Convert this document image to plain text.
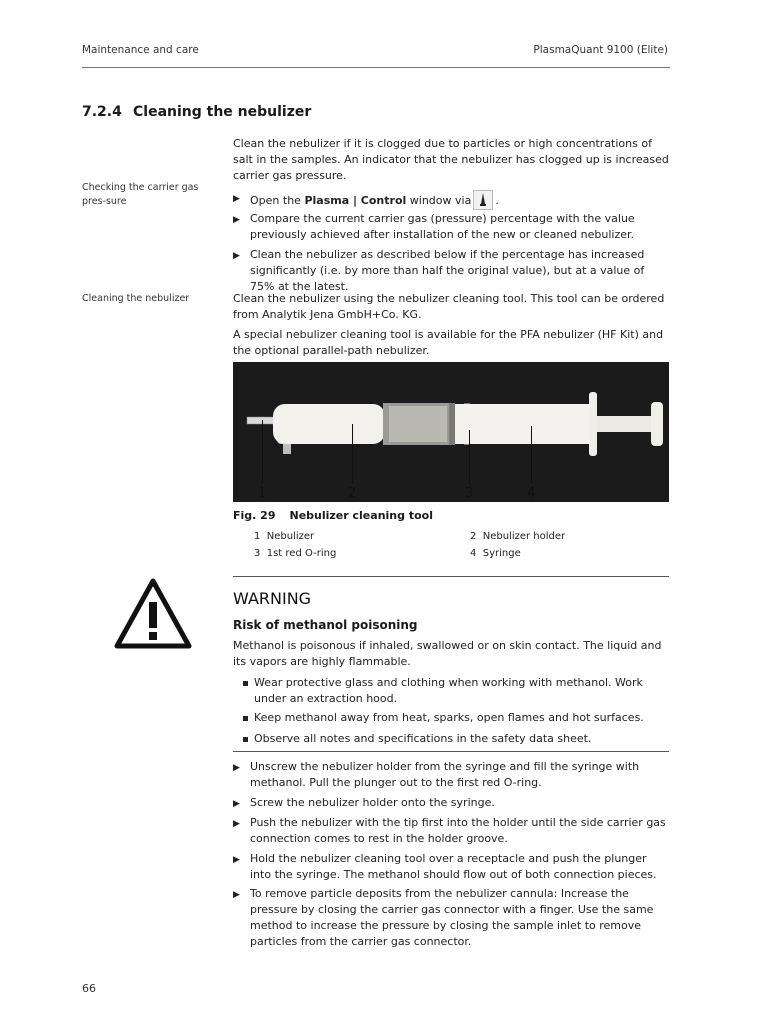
Maintenance and care	PlasmaQuant 9100 (Elite)
7.2.4 Cleaning the nebulizer
Clean the nebulizer if it is clogged due to particles or high concentrations of salt in the samples. An indicator that the nebulizer has clogged up is increased carrier gas pressure.
Checking the carrier gas pres-sure	▶ Open the Plasma | Control window via .
▶ Compare the current carrier gas (pressure) percentage with the value previously achieved after installation of the new or cleaned nebulizer.
▶ Clean the nebulizer as described below if the percentage has increased significantly (i.e. by more than half the original value), but at a value of 75% at the latest.
Cleaning the nebulizer	Clean the nebulizer using the nebulizer cleaning tool. This tool can be ordered from Analytik Jena GmbH+Co. KG.
A special nebulizer cleaning tool is available for the PFA nebulizer (HF Kit) and the optional parallel-path nebulizer.
1	2	3	4
Fig. 29 Nebulizer cleaning tool
1 Nebulizer	2 Nebulizer holder
3 1st red O-ring	4 Syringe
WARNING
Risk of methanol poisoning
Methanol is poisonous if inhaled, swallowed or on skin contact. The liquid and its vapors are highly flammable.
Wear protective glass and clothing when working with methanol. Work under an extraction hood.
Keep methanol away from heat, sparks, open flames and hot surfaces.
Observe all notes and specifications in the safety data sheet.
▶ Unscrew the nebulizer holder from the syringe and fill the syringe with methanol. Pull the plunger out to the first red O-ring.
▶ Screw the nebulizer holder onto the syringe.
▶ Push the nebulizer with the tip first into the holder until the side carrier gas connection comes to rest in the holder groove.
▶ Hold the nebulizer cleaning tool over a receptacle and push the plunger into the syringe. The methanol should flow out of both connection pieces.
▶ To remove particle deposits from the nebulizer cannula: Increase the pressure by closing the carrier gas connector with a finger. Use the same method to increase the pressure by closing the sample inlet to remove particles from the carrier gas connector.
66
